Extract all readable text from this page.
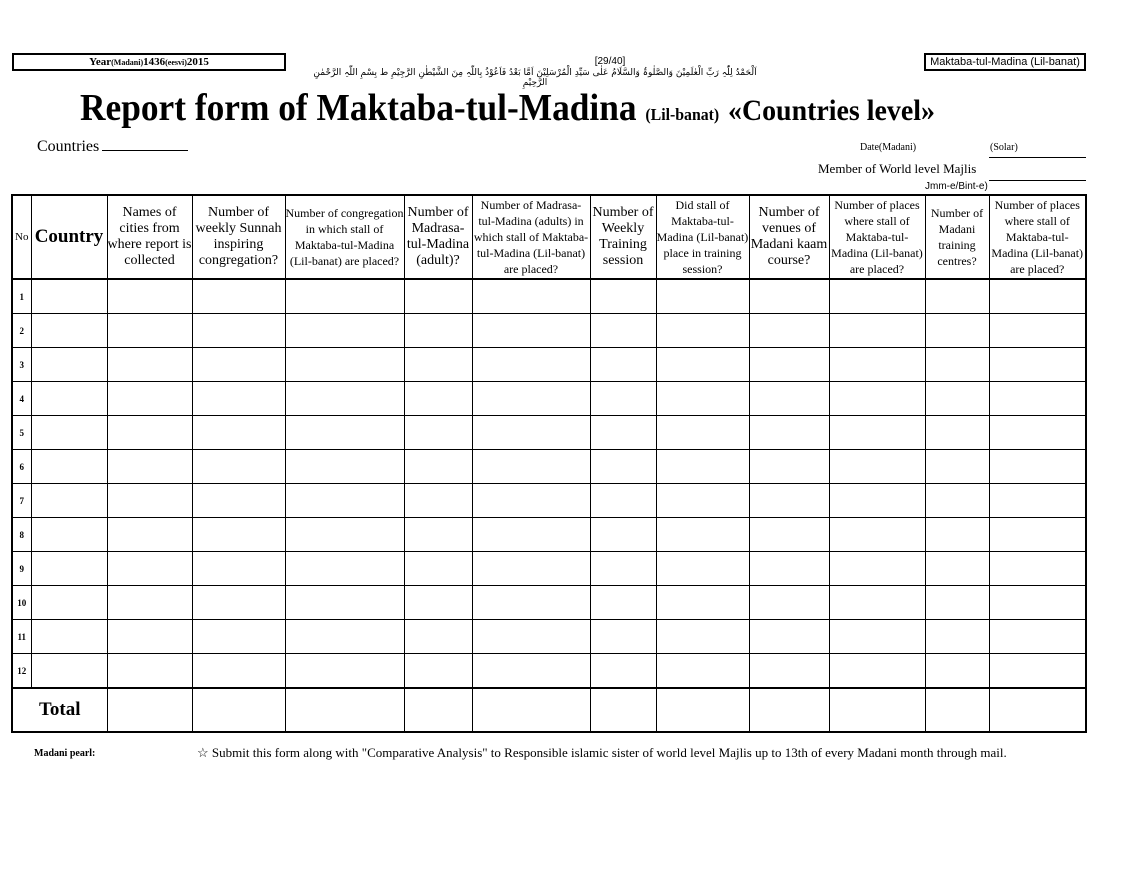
Year(Madani)1436(eesvi)2015	[29/40]	Maktaba-tul-Madina (Lil-banat)
اَلْحَمْدُ لِلّٰہِ رَبِّ الْعٰلَمِیْنَ وَالصَّلٰوۃُ وَالسَّلَامُ عَلٰی سَیِّدِ الْمُرْسَلِیْنَ اَمَّا بَعْدُ فَاَعُوْذُ بِاللّٰہِ مِنَ الشَّیْطٰنِ الرَّجِیْمِ ط بِسْمِ اللّٰہِ الرَّحْمٰنِ الرَّحِیْمِ
Report form of Maktaba-tul-Madina (Lil-banat) «Countries level»
Countries	Date(Madani)	(Solar)
Member of World level Majlis
Jmm-e/Bint-e)
No	Country	Names of cities from where report is collected	Number of weekly Sunnah inspiring congregation?	Number of congregation in which stall of Maktaba-tul-Madina (Lil-banat) are placed?	Number of Madrasa-tul-Madina (adult)?	Number of Madrasa-tul-Madina (adults) in which stall of Maktaba-tul-Madina (Lil-banat) are placed?	Number of Weekly Training session	Did stall of Maktaba-tul-Madina (Lil-banat) place in training session?	Number of venues of Madani kaam course?	Number of places where stall of Maktaba-tul-Madina (Lil-banat) are placed?	Number of Madani training centres?	Number of places where stall of Maktaba-tul-Madina (Lil-banat) are placed?
1												
2												
3												
4												
5												
6												
7												
8												
9												
10												
11												
12												
Total												
Madani pearl:	☆ Submit this form along with "Comparative Analysis" to Responsible islamic sister of world level Majlis up to 13th of every Madani month through mail.
